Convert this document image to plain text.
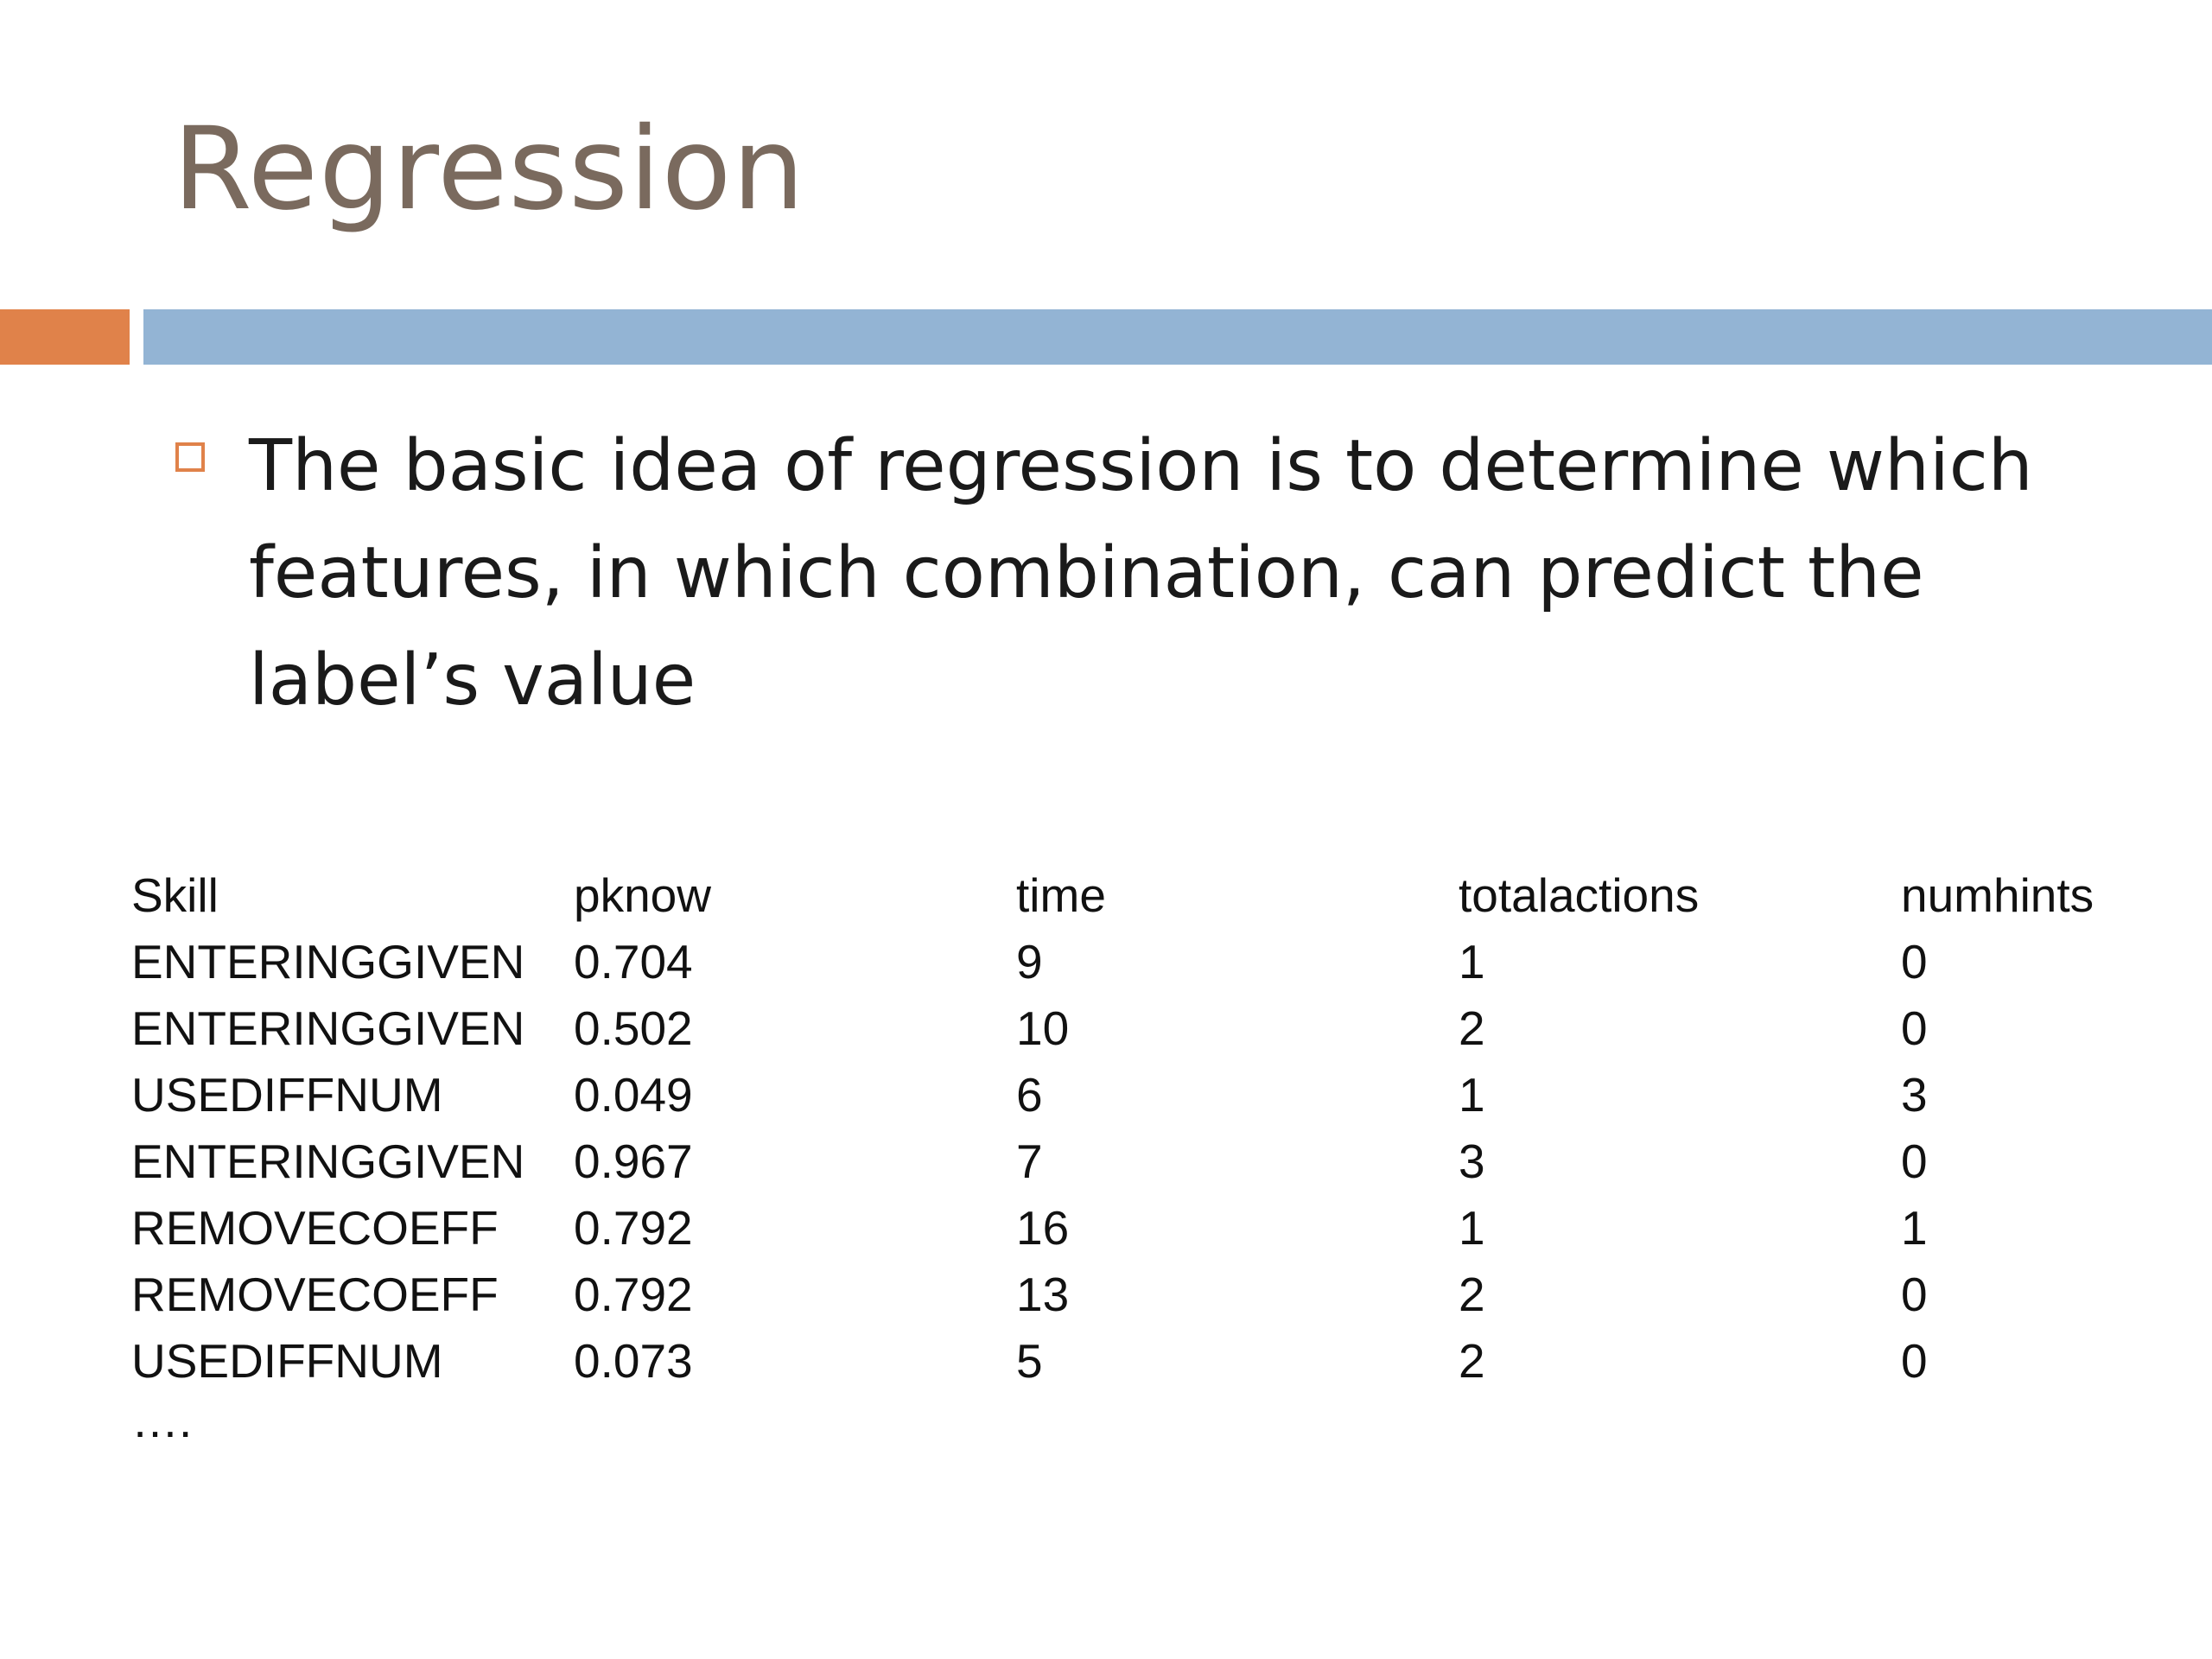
Regression
The basic idea of regression is to determine which features, in which combination, can predict the label’s value
Skill	pknow	time	totalactions	numhints
ENTERINGGIVEN	0.704	9	1	0
ENTERINGGIVEN	0.502	10	2	0
USEDIFFNUM	0.049	6	1	3
ENTERINGGIVEN	0.967	7	3	0
REMOVECOEFF	0.792	16	1	1
REMOVECOEFF	0.792	13	2	0
USEDIFFNUM	0.073	5	2	0
….
